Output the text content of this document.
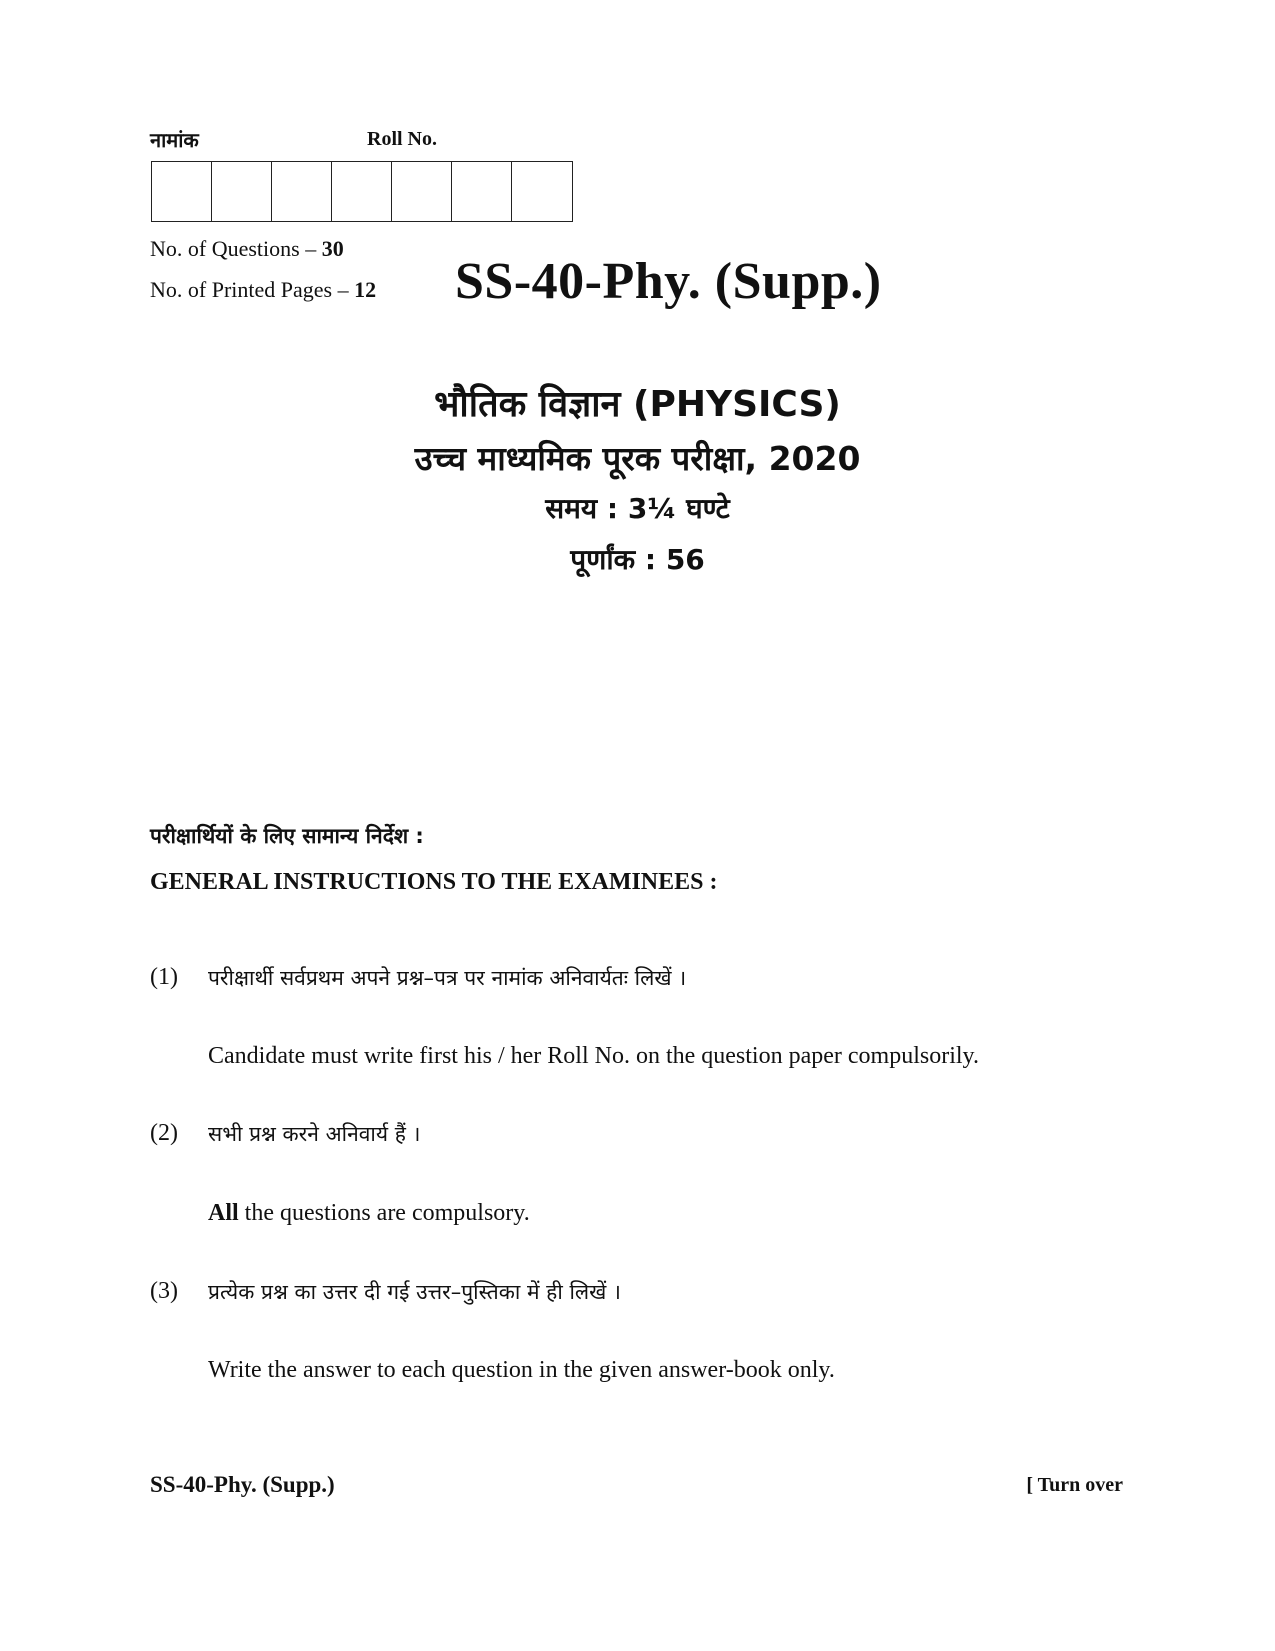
नामांक	Roll No.
No. of Questions – 30
No. of Printed Pages – 12 SS-40-Phy. (Supp.)
भौतिक विज्ञान (PHYSICS)
उच्च माध्यमिक पूरक परीक्षा, 2020
समय : 3¼ घण्टे
पूर्णांक : 56
परीक्षार्थियों के लिए सामान्य निर्देश :
GENERAL INSTRUCTIONS TO THE EXAMINEES :
(1)	परीक्षार्थी सर्वप्रथम अपने प्रश्न–पत्र पर नामांक अनिवार्यतः लिखें ।
Candidate must write first his / her Roll No. on the question paper compulsorily.
(2)	सभी प्रश्न करने अनिवार्य हैं ।
All the questions are compulsory.
(3)	प्रत्येक प्रश्न का उत्तर दी गई उत्तर–पुस्तिका में ही लिखें ।
Write the answer to each question in the given answer-book only.
SS-40-Phy. (Supp.)	[ Turn over
